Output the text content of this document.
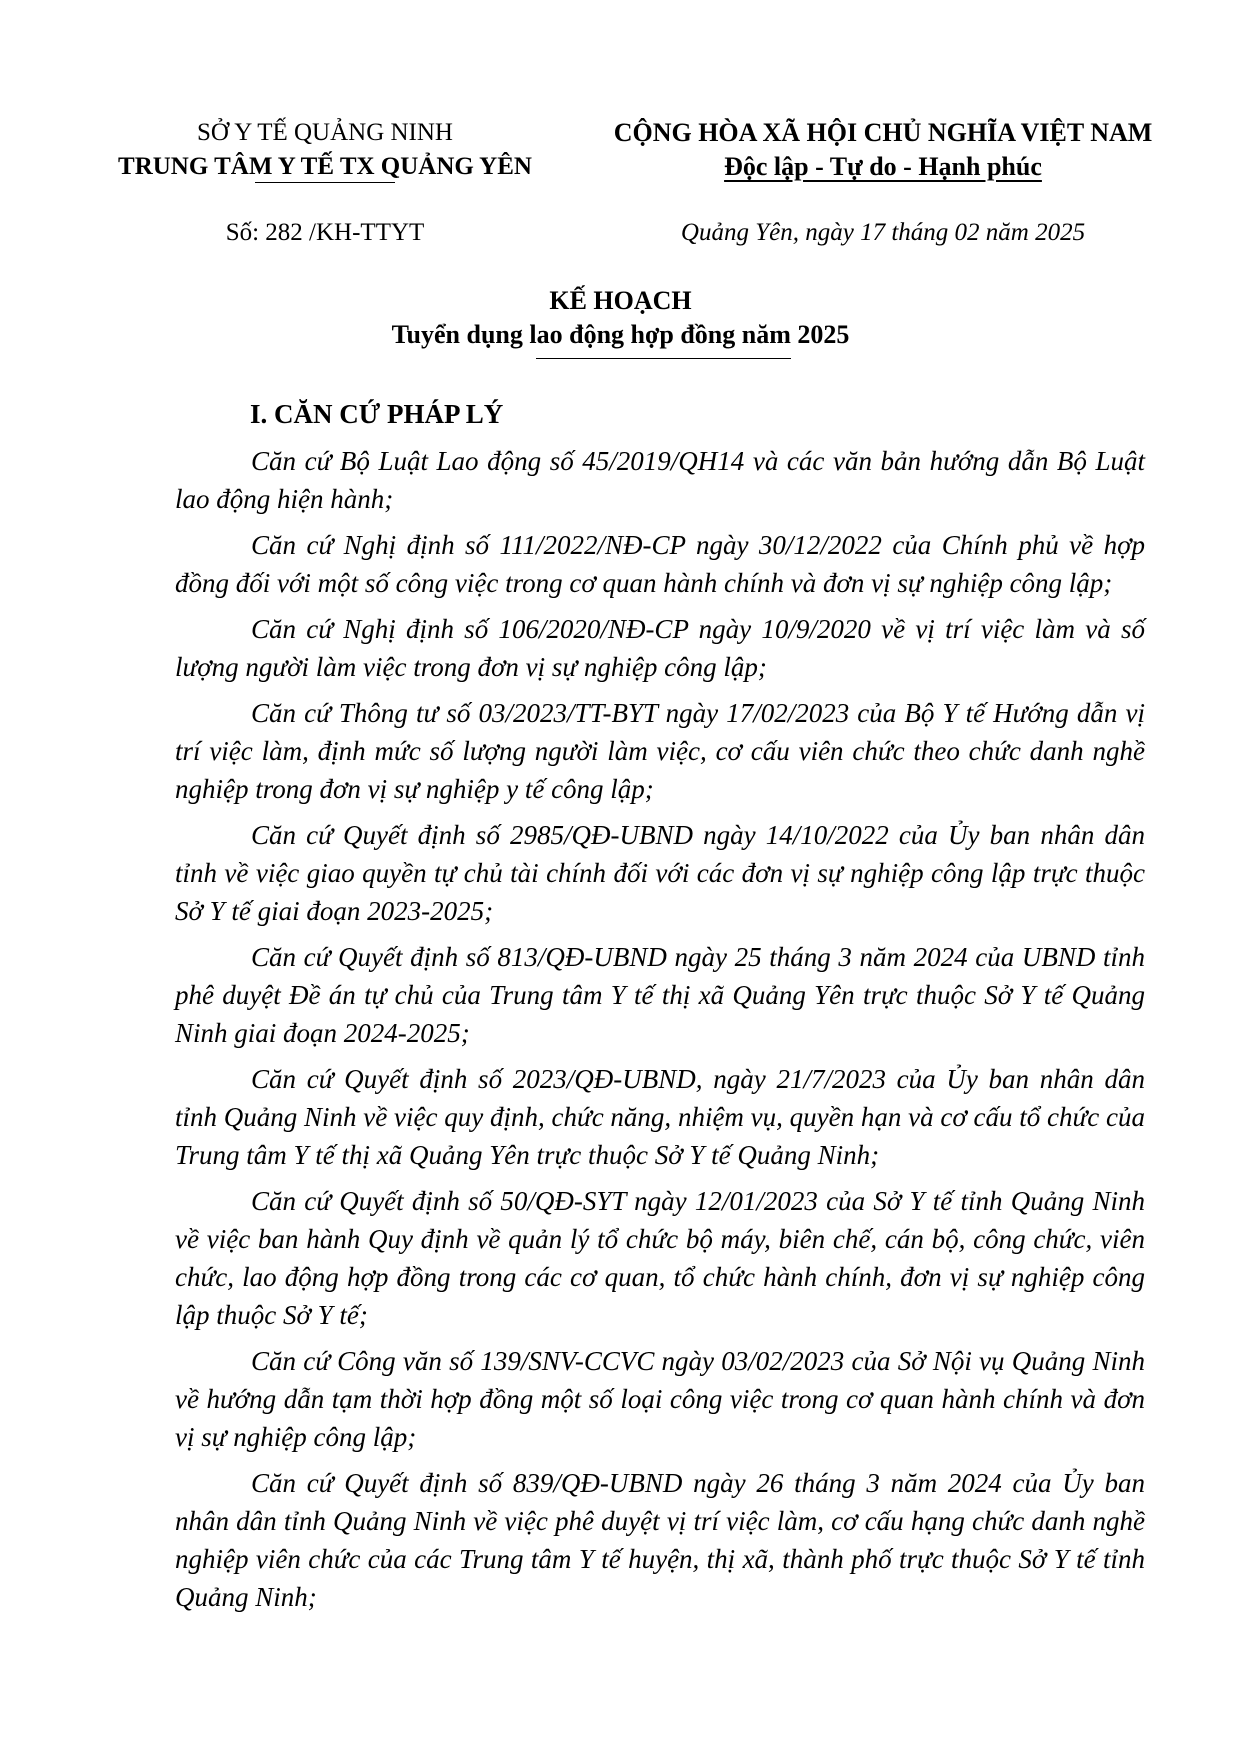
SỞ Y TẾ QUẢNG NINH
TRUNG TÂM Y TẾ TX QUẢNG YÊN
CỘNG HÒA XÃ HỘI CHỦ NGHĨA VIỆT NAM
Độc lập - Tự do - Hạnh phúc
Số: 282 /KH-TTYT	Quảng Yên, ngày 17 tháng 02 năm 2025
KẾ HOẠCH
Tuyển dụng lao động hợp đồng năm 2025
I. CĂN CỨ PHÁP LÝ

Căn cứ Bộ Luật Lao động số 45/2019/QH14 và các văn bản hướng dẫn Bộ Luật lao động hiện hành;

Căn cứ Nghị định số 111/2022/NĐ-CP ngày 30/12/2022 của Chính phủ về hợp đồng đối với một số công việc trong cơ quan hành chính và đơn vị sự nghiệp công lập;

Căn cứ Nghị định số 106/2020/NĐ-CP ngày 10/9/2020 về vị trí việc làm và số lượng người làm việc trong đơn vị sự nghiệp công lập;

Căn cứ Thông tư số 03/2023/TT-BYT ngày 17/02/2023 của Bộ Y tế Hướng dẫn vị trí việc làm, định mức số lượng người làm việc, cơ cấu viên chức theo chức danh nghề nghiệp trong đơn vị sự nghiệp y tế công lập;

Căn cứ Quyết định số 2985/QĐ-UBND ngày 14/10/2022 của Ủy ban nhân dân tỉnh về việc giao quyền tự chủ tài chính đối với các đơn vị sự nghiệp công lập trực thuộc Sở Y tế giai đoạn 2023-2025;

Căn cứ Quyết định số 813/QĐ-UBND ngày 25 tháng 3 năm 2024 của UBND tỉnh phê duyệt Đề án tự chủ của Trung tâm Y tế thị xã Quảng Yên trực thuộc Sở Y tế Quảng Ninh giai đoạn 2024-2025;

Căn cứ Quyết định số 2023/QĐ-UBND, ngày 21/7/2023 của Ủy ban nhân dân tỉnh Quảng Ninh về việc quy định, chức năng, nhiệm vụ, quyền hạn và cơ cấu tổ chức của Trung tâm Y tế thị xã Quảng Yên trực thuộc Sở Y tế Quảng Ninh;

Căn cứ Quyết định số 50/QĐ-SYT ngày 12/01/2023 của Sở Y tế tỉnh Quảng Ninh về việc ban hành Quy định về quản lý tổ chức bộ máy, biên chế, cán bộ, công chức, viên chức, lao động hợp đồng trong các cơ quan, tổ chức hành chính, đơn vị sự nghiệp công lập thuộc Sở Y tế;

Căn cứ Công văn số 139/SNV-CCVC ngày 03/02/2023 của Sở Nội vụ Quảng Ninh về hướng dẫn tạm thời hợp đồng một số loại công việc trong cơ quan hành chính và đơn vị sự nghiệp công lập;

Căn cứ Quyết định số 839/QĐ-UBND ngày 26 tháng 3 năm 2024 của Ủy ban nhân dân tỉnh Quảng Ninh về việc phê duyệt vị trí việc làm, cơ cấu hạng chức danh nghề nghiệp viên chức của các Trung tâm Y tế huyện, thị xã, thành phố trực thuộc Sở Y tế tỉnh Quảng Ninh;
